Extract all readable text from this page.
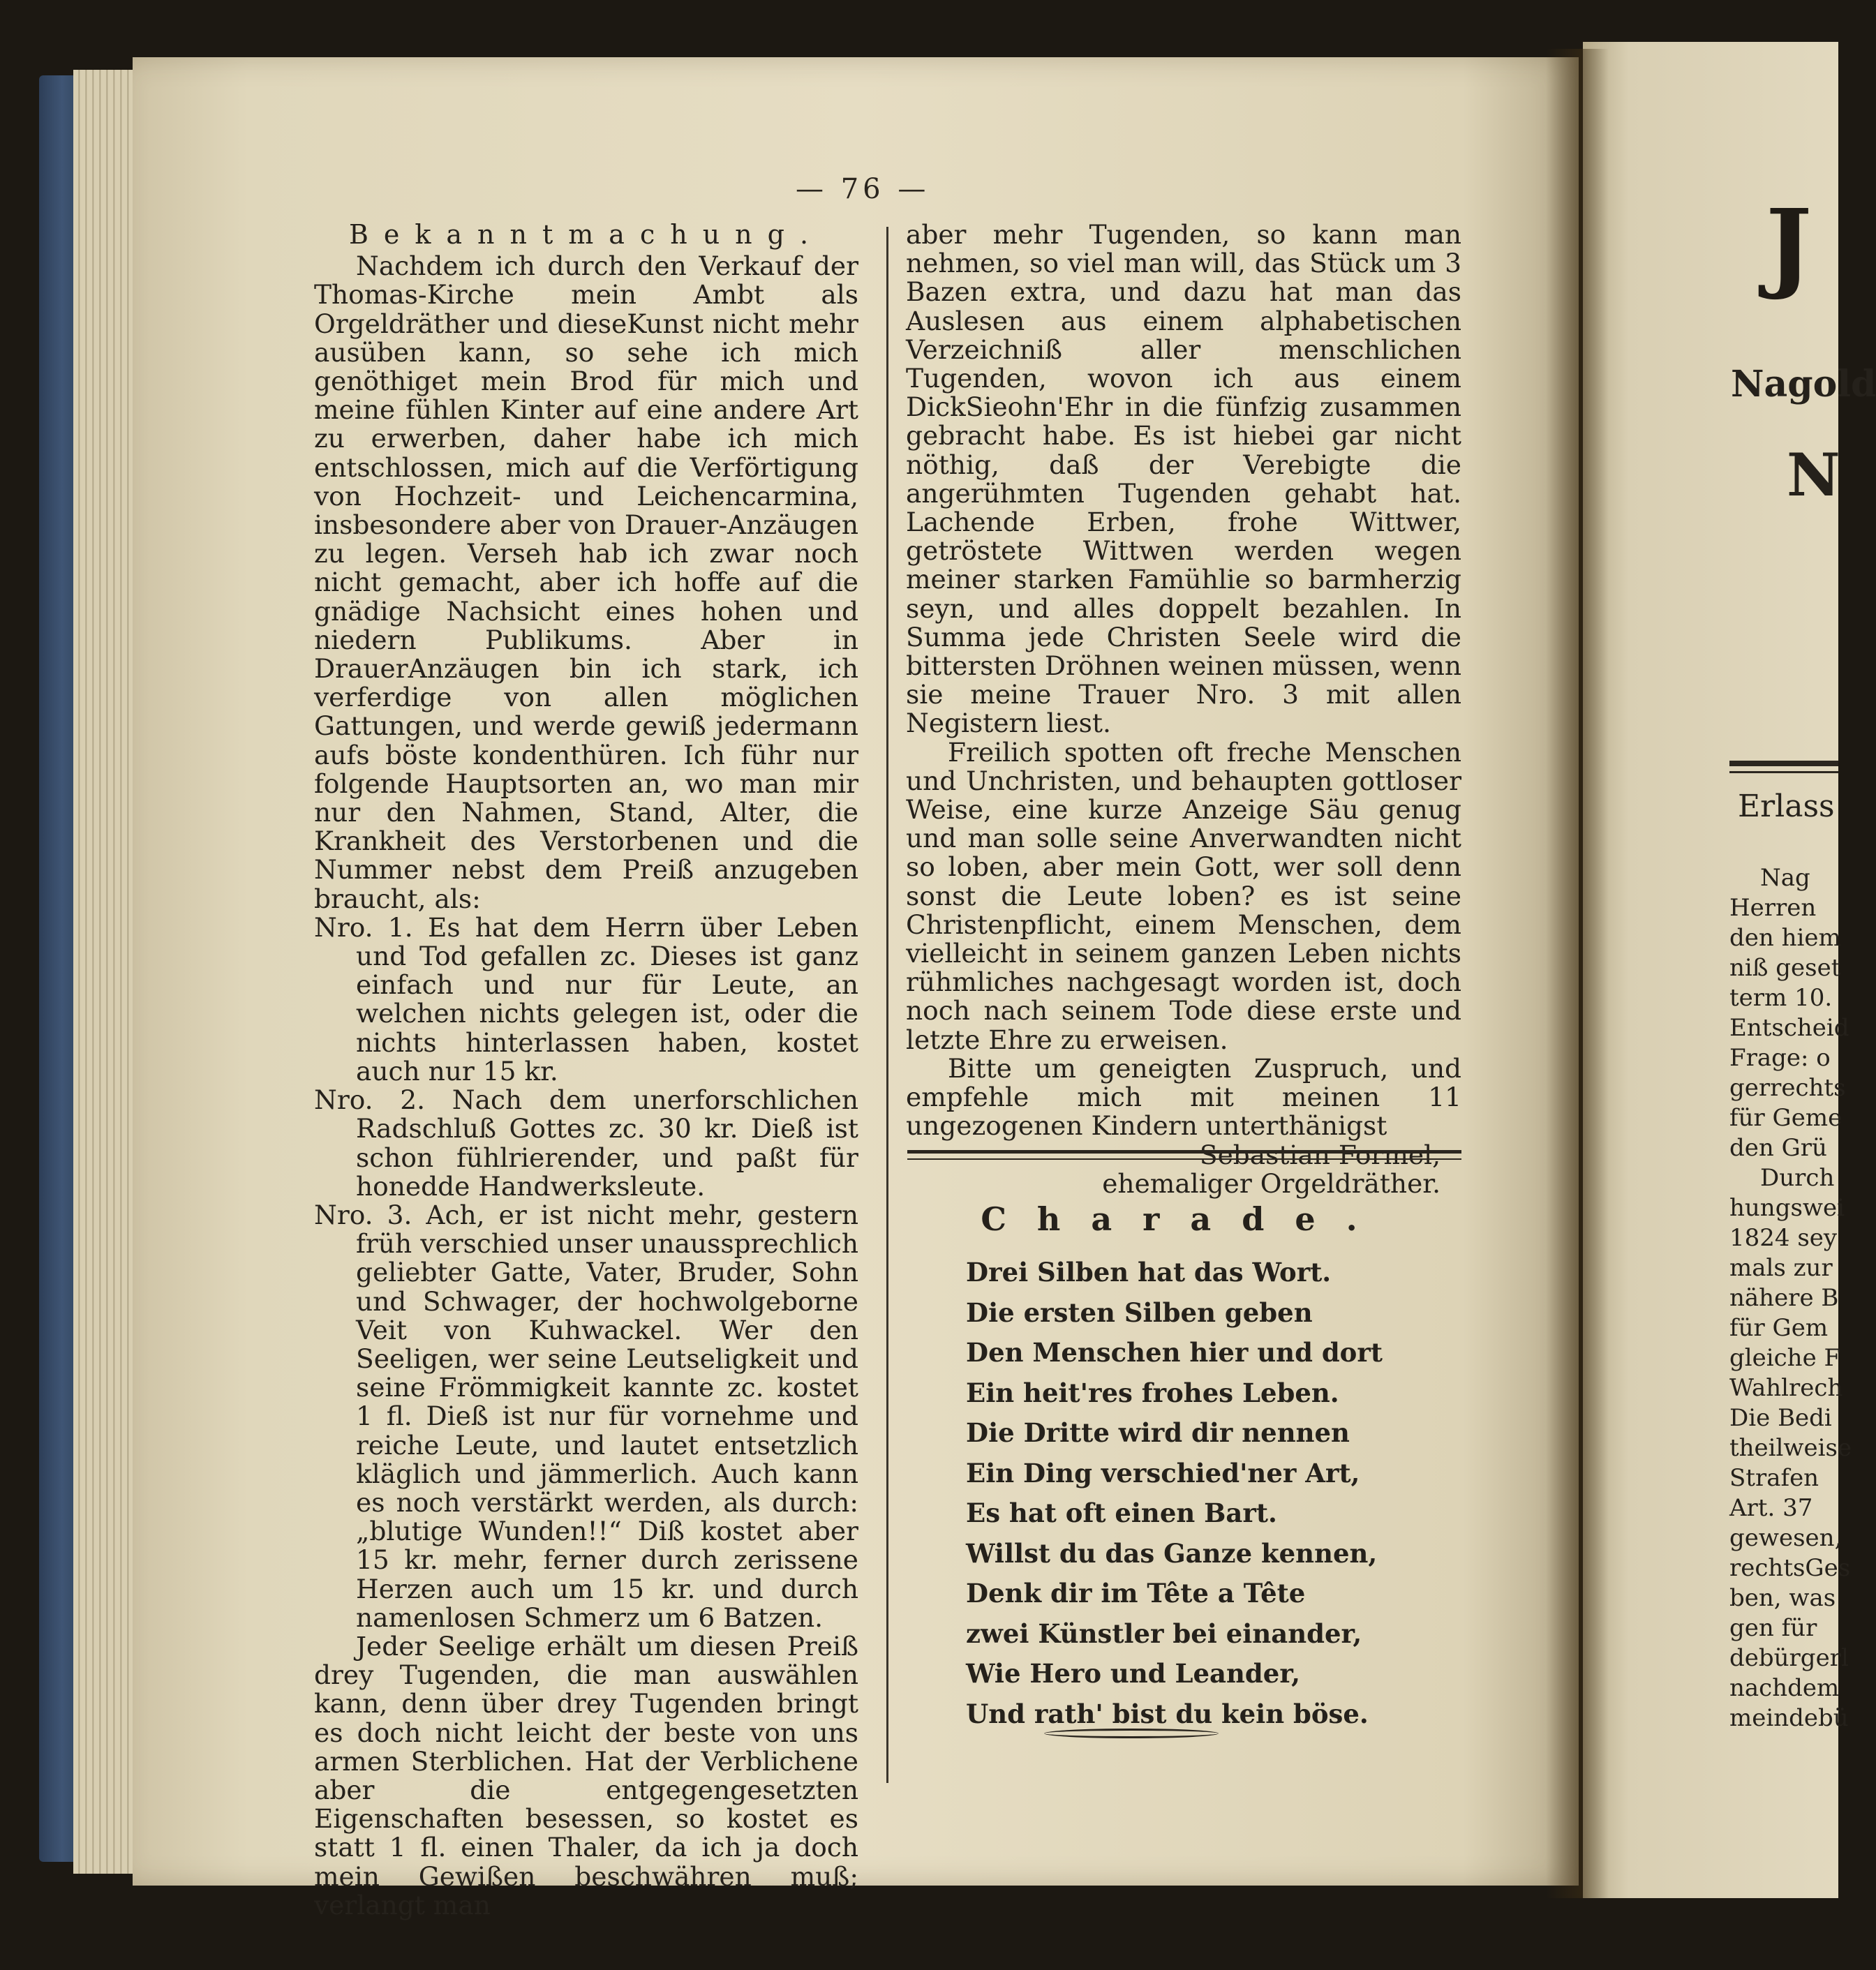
— 76 —

Bekanntmachung.

Nachdem ich durch den Verkauf der Thomas-Kirche mein Ambt als Orgeldräther und dieseKunst nicht mehr ausüben kann, so sehe ich mich genöthiget mein Brod für mich und meine fühlen Kinter auf eine andere Art zu erwerben, daher habe ich mich entschlossen, mich auf die Verförtigung von Hochzeit- und Leichencarmina, insbesondere aber von Drauer-Anzäugen zu legen. Verseh hab ich zwar noch nicht gemacht, aber ich hoffe auf die gnädige Nachsicht eines hohen und niedern Publikums. Aber in DrauerAnzäugen bin ich stark, ich verferdige von allen möglichen Gattungen, und werde gewiß jedermann aufs böste kondenthüren. Ich führ nur folgende Hauptsorten an, wo man mir nur den Nahmen, Stand, Alter, die Krankheit des Verstorbenen und die Nummer nebst dem Preiß anzugeben braucht, als:

Nro. 1. Es hat dem Herrn über Leben und Tod gefallen zc. Dieses ist ganz einfach und nur für Leute, an welchen nichts gelegen ist, oder die nichts hinterlassen haben, kostet auch nur 15 kr.

Nro. 2. Nach dem unerforschlichen Radschluß Gottes zc. 30 kr. Dieß ist schon fühlrierender, und paßt für honedde Handwerksleute.

Nro. 3. Ach, er ist nicht mehr, gestern früh verschied unser unaussprechlich geliebter Gatte, Vater, Bruder, Sohn und Schwager, der hochwolgeborne Veit von Kuhwackel. Wer den Seeligen, wer seine Leutseligkeit und seine Frömmigkeit kannte zc. kostet 1 fl. Dieß ist nur für vornehme und reiche Leute, und lautet entsetzlich kläglich und jämmerlich. Auch kann es noch verstärkt werden, als durch: „blutige Wunden!!“ Diß kostet aber 15 kr. mehr, ferner durch zerissene Herzen auch um 15 kr. und durch namenlosen Schmerz um 6 Batzen.

Jeder Seelige erhält um diesen Preiß drey Tugenden, die man auswählen kann, denn über drey Tugenden bringt es doch nicht leicht der beste von uns armen Sterblichen. Hat der Verblichene aber die entgegengesetzten Eigenschaften besessen, so kostet es statt 1 fl. einen Thaler, da ich ja doch mein Gewißen beschwähren muß; verlangt man

aber mehr Tugenden, so kann man nehmen, so viel man will, das Stück um 3 Bazen extra, und dazu hat man das Auslesen aus einem alphabetischen Verzeichniß aller menschlichen Tugenden, wovon ich aus einem DickSieohn'Ehr in die fünfzig zusammen gebracht habe. Es ist hiebei gar nicht nöthig, daß der Verebigte die angerühmten Tugenden gehabt hat. Lachende Erben, frohe Wittwer, getröstete Wittwen werden wegen meiner starken Famühlie so barmherzig seyn, und alles doppelt bezahlen. In Summa jede Christen Seele wird die bittersten Dröhnen weinen müssen, wenn sie meine Trauer Nro. 3 mit allen Negistern liest.

Freilich spotten oft freche Menschen und Unchristen, und behaupten gottloser Weise, eine kurze Anzeige Säu genug und man solle seine Anverwandten nicht so loben, aber mein Gott, wer soll denn sonst die Leute loben? es ist seine Christenpflicht, einem Menschen, dem vielleicht in seinem ganzen Leben nichts rühmliches nachgesagt worden ist, doch noch nach seinem Tode diese erste und letzte Ehre zu erweisen.

Bitte um geneigten Zuspruch, und empfehle mich mit meinen 11 ungezogenen Kindern unterthänigst

Sebastian Formel,

ehemaliger Orgeldräther.

Charade.

Drei Silben hat das Wort.

Die ersten Silben geben

Den Menschen hier und dort

Ein heit'res frohes Leben.

Die Dritte wird dir nennen

Ein Ding verschied'ner Art,

Es hat oft einen Bart.

Willst du das Ganze kennen,

Denk dir im Tête a Tête

zwei Künstler bei einander,

Wie Hero und Leander,

Und rath' bist du kein böse.

J
Nagold
N
Erlass
Nag
Herren
den hiem
niß geset
term 10.
Entscheid
Frage: o
gerrechts
für Geme
den Grü
Durch
hungswei
1824 sey
mals zur
nähere B
für Gem
gleiche F
Wahlrech
Die Bedi
theilweise
Strafen
Art. 37
gewesen,
rechtsGes
ben, was
gen für
debürgerl
nachdem
meindebü
